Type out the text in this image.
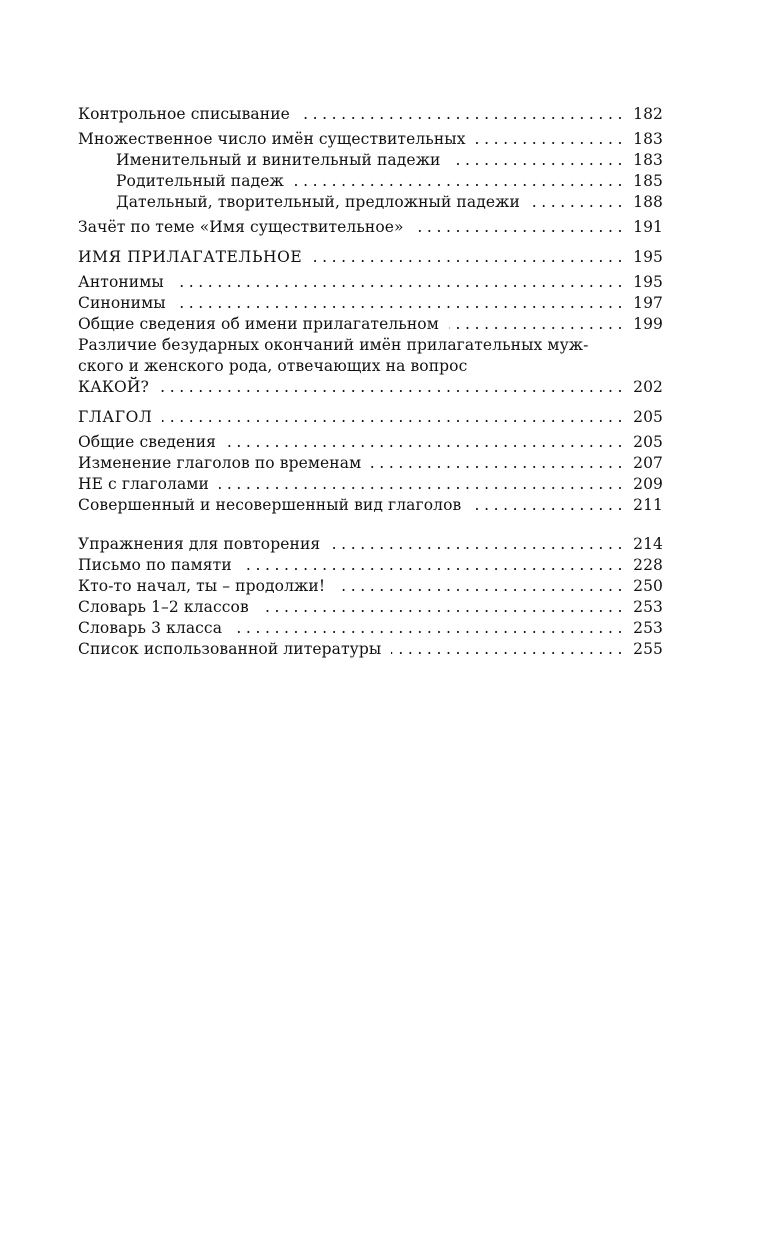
Контрольное списывание .....	182
Множественное число имён существительных .....	183
Именительный и винительный падежи .....	183
Родительный падеж .....	185
Дательный, творительный, предложный падежи .....	188
Зачёт по теме «Имя существительное» .....	191
ИМЯ ПРИЛАГАТЕЛЬНОЕ .....	195
Антонимы .....	195
Синонимы .....	197
Общие сведения об имени прилагательном .....	199
Различие безударных окончаний имён прилагательных муж-
ского и женского рода, отвечающих на вопрос
КАКОЙ? .....	202
ГЛАГОЛ .....	205
Общие сведения .....	205
Изменение глаголов по временам .....	207
НЕ с глаголами .....	209
Совершенный и несовершенный вид глаголов .....	211
Упражнения для повторения .....	214
Письмо по памяти .....	228
Кто-то начал, ты – продолжи! .....	250
Словарь 1–2 классов .....	253
Словарь 3 класса .....	253
Список использованной литературы .....	255
